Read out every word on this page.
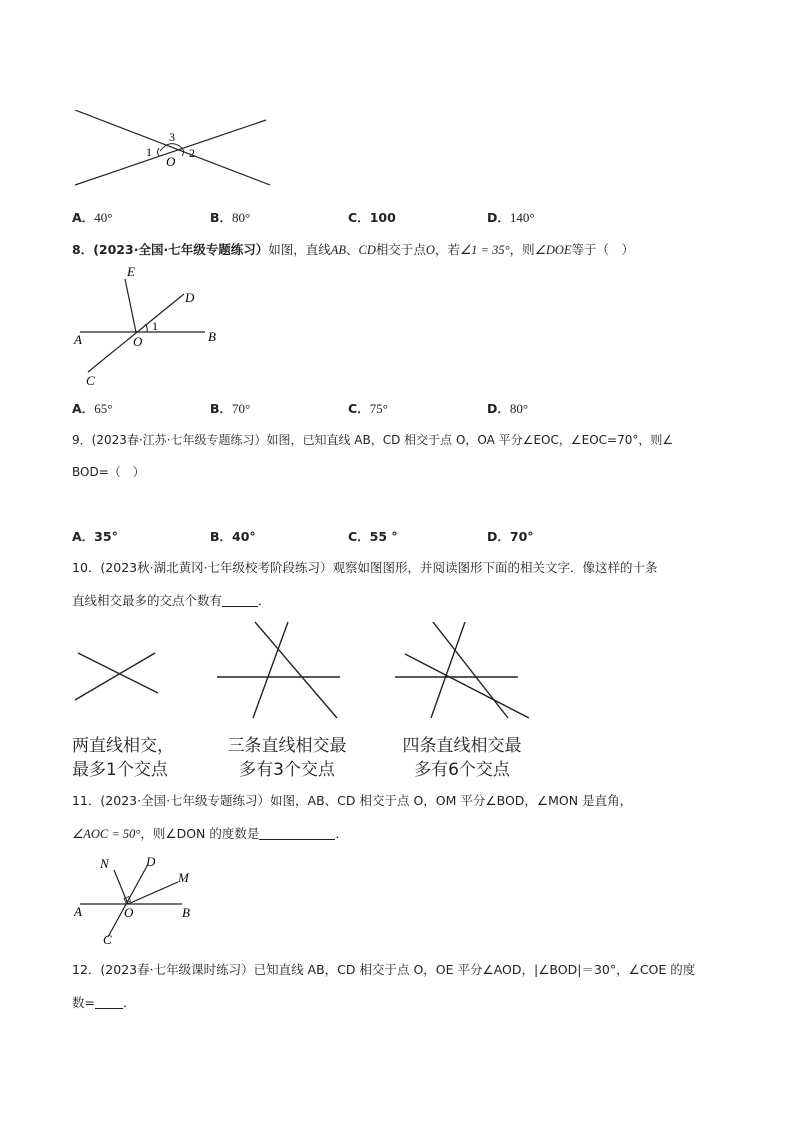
3
1	2
O
A．40°	B．80°	C．100	D．140°
8．(2023·全国·七年级专题练习）如图，直线AB、CD相交于点O，若∠1 = 35°，则∠DOE等于（　）
E
D
1
A	O	B
C
A．65°	B．70°	C．75°	D．80°
9．(2023春·江苏·七年级专题练习）如图，已知直线 AB，CD 相交于点 O，OA 平分∠EOC，∠EOC=70°，则∠
BOD=（　）
A．35°	B．40°	C．55 °	D．70°
10．(2023秋·湖北黄冈·七年级校考阶段练习）观察如图图形，并阅读图形下面的相关文字．像这样的十条
直线相交最多的交点个数有	．
两直线相交，
最多1个交点
三条直线相交最
多有3个交点
四条直线相交最
多有6个交点
11．(2023·全国·七年级专题练习）如图，AB、CD 相交于点 O，OM 平分∠BOD，∠MON 是直角，
∠AOC = 50°，则∠DON 的度数是	．
N	D
M
A	O	B
C
12．(2023春·七年级课时练习）已知直线 AB，CD 相交于点 O，OE 平分∠AOD，|∠BOD|＝30°，∠COE 的度
数= ．
